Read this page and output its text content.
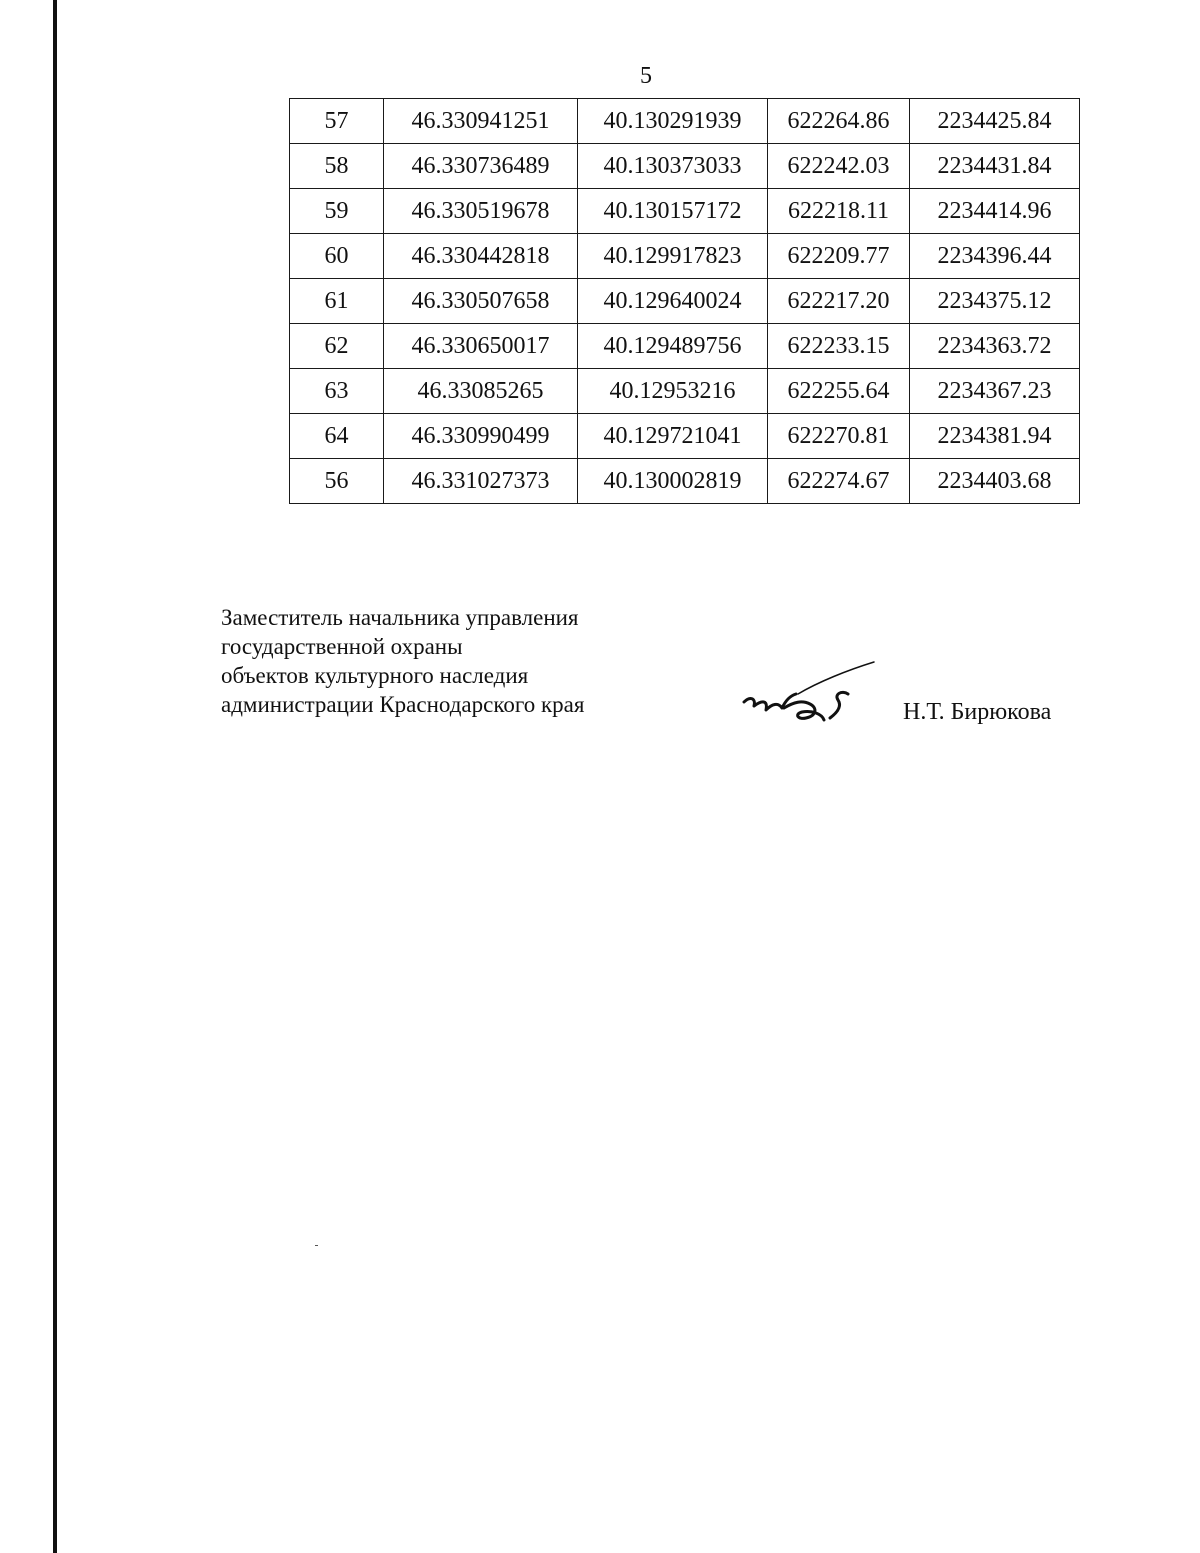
5
57	46.330941251	40.130291939	622264.86	2234425.84
58	46.330736489	40.130373033	622242.03	2234431.84
59	46.330519678	40.130157172	622218.11	2234414.96
60	46.330442818	40.129917823	622209.77	2234396.44
61	46.330507658	40.129640024	622217.20	2234375.12
62	46.330650017	40.129489756	622233.15	2234363.72
63	46.33085265	40.12953216	622255.64	2234367.23
64	46.330990499	40.129721041	622270.81	2234381.94
56	46.331027373	40.130002819	622274.67	2234403.68
Заместитель начальника управления
государственной охраны
объектов культурного наследия
администрации Краснодарского края	Н.Т. Бирюкова
